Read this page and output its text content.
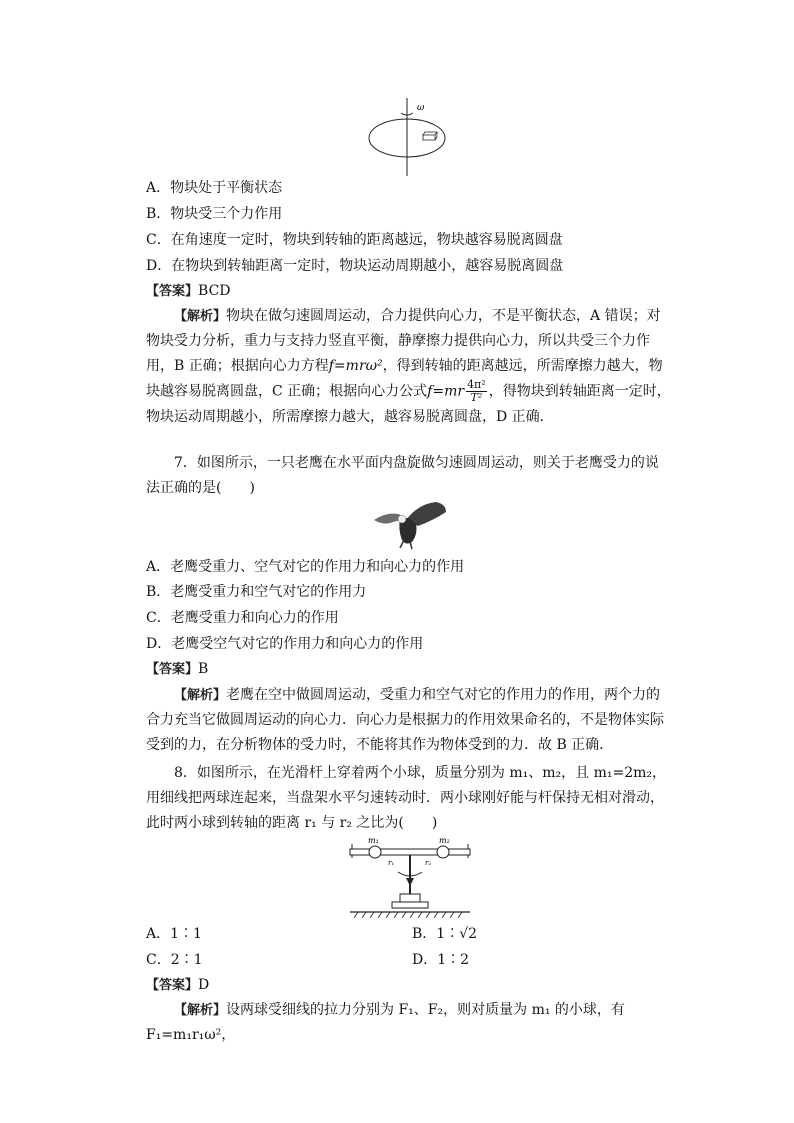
ω
A．物块处于平衡状态
B．物块受三个力作用
C．在角速度一定时，物块到转轴的距离越远，物块越容易脱离圆盘
D．在物块到转轴距离一定时，物块运动周期越小，越容易脱离圆盘
【答案】BCD
【解析】物块在做匀速圆周运动，合力提供向心力，不是平衡状态，A 错误；对物块受力分析，重力与支持力竖直平衡，静摩擦力提供向心力，所以共受三个力作用，B 正确；根据向心力方程f=mrω²，得到转轴的距离越远，所需摩擦力越大，物块越容易脱离圆盘，C 正确；根据向心力公式$f=mr \frac{\text{4π²}}{\text{T²}}$ ，得物块到转轴距离一定时，物块运动周期越小，所需摩擦力越大，越容易脱离圆盘，D 正确．
7．如图所示，一只老鹰在水平面内盘旋做匀速圆周运动，则关于老鹰受力的说法正确的是(　　)
A．老鹰受重力、空气对它的作用力和向心力的作用
B．老鹰受重力和空气对它的作用力
C．老鹰受重力和向心力的作用
D．老鹰受空气对它的作用力和向心力的作用
【答案】B
【解析】老鹰在空中做圆周运动，受重力和空气对它的作用力的作用，两个力的合力充当它做圆周运动的向心力．向心力是根据力的作用效果命名的，不是物体实际受到的力，在分析物体的受力时，不能将其作为物体受到的力．故 B 正确．
8．如图所示，在光滑杆上穿着两个小球，质量分别为 m₁、m₂，且 m₁=2m₂，用细线把两球连起来，当盘架水平匀速转动时．两小球刚好能与杆保持无相对滑动，此时两小球到转轴的距离 r₁ 与 r₂ 之比为(　　)
m₁	m₂
r₁	r₂
A．1∶1	B．1∶√2
C．2∶1	D．1∶2
【答案】D
【解析】设两球受细线的拉力分别为 F₁、F₂，则对质量为 m₁ 的小球，有 F₁=m₁r₁ω²，
